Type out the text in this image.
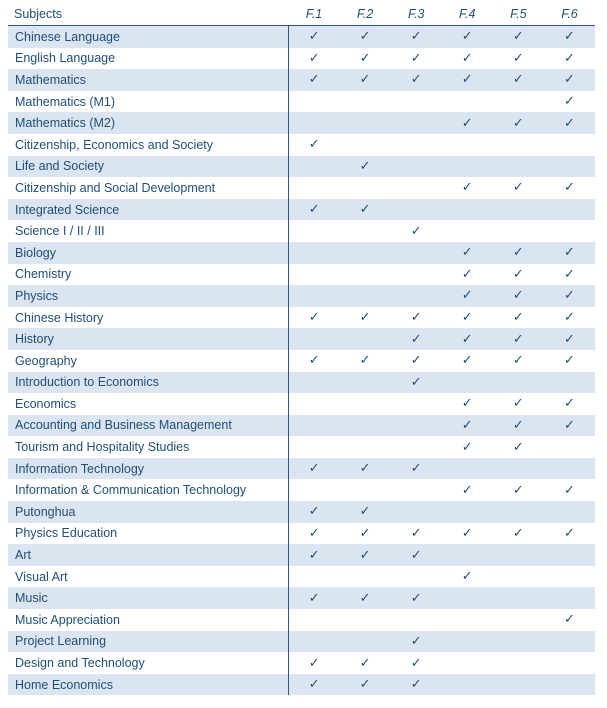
Subjects	F.1	F.2	F.3	F.4	F.5	F.6
Chinese Language	✓	✓	✓	✓	✓	✓
English Language	✓	✓	✓	✓	✓	✓
Mathematics	✓	✓	✓	✓	✓	✓
Mathematics (M1)						✓
Mathematics (M2)				✓	✓	✓
Citizenship, Economics and Society	✓					
Life and Society		✓				
Citizenship and Social Development				✓	✓	✓
Integrated Science	✓	✓				
Science I / II / III			✓			
Biology				✓	✓	✓
Chemistry				✓	✓	✓
Physics				✓	✓	✓
Chinese History	✓	✓	✓	✓	✓	✓
History			✓	✓	✓	✓
Geography	✓	✓	✓	✓	✓	✓
Introduction to Economics			✓			
Economics				✓	✓	✓
Accounting and Business Management				✓	✓	✓
Tourism and Hospitality Studies				✓	✓	
Information Technology	✓	✓	✓			
Information & Communication Technology				✓	✓	✓
Putonghua	✓	✓				
Physics Education	✓	✓	✓	✓	✓	✓
Art	✓	✓	✓			
Visual Art				✓		
Music	✓	✓	✓			
Music Appreciation						✓
Project Learning			✓			
Design and Technology	✓	✓	✓			
Home Economics	✓	✓	✓			
